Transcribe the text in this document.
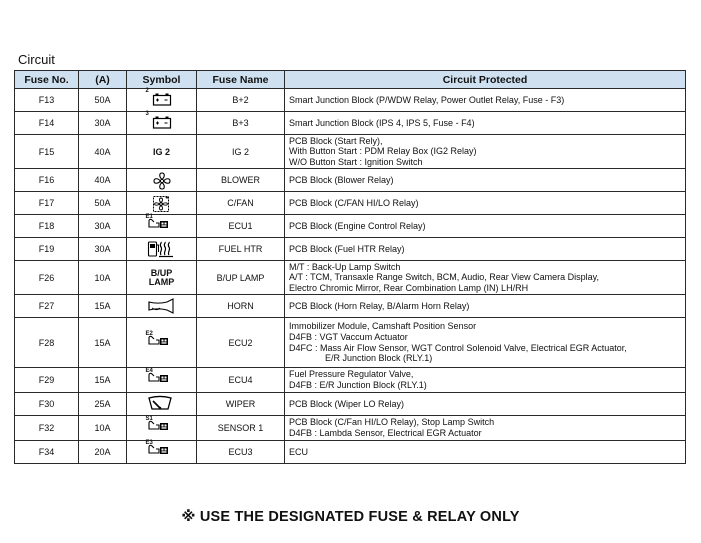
Circuit
Fuse No.	(A)	Symbol	Fuse Name	Circuit Protected
F13	50A	2	B+2	Smart Junction Block (P/WDW Relay, Power Outlet Relay, Fuse - F3)

F14	30A	3	B+3	Smart Junction Block (IPS 4, IPS 5, Fuse - F4)

F15	40A	IG 2	IG 2	PCB Block (Start Rely),
With Button Start : PDM Relay Box (IG2 Relay)
W/O Button Start : Ignition Switch

F16	40A		BLOWER	PCB Block (Blower Relay)

F17	50A		C/FAN	PCB Block (C/FAN HI/LO Relay)

F18	30A	E1	ECU1	PCB Block (Engine Control Relay)

F19	30A		FUEL HTR	PCB Block (Fuel HTR Relay)

F26	10A	B/UP
LAMP	B/UP LAMP	M/T : Back-Up Lamp Switch
A/T : TCM, Transaxle Range Switch, BCM, Audio, Rear View Camera Display,
Electro Chromic Mirror, Rear Combination Lamp (IN) LH/RH

F27	15A		HORN	PCB Block (Horn Relay, B/Alarm Horn Relay)

F28	15A	E2	ECU2	Immobilizer Module, Camshaft Position Sensor
D4FB : VGT Vaccum Actuator
D4FC : Mass Air Flow Sensor, WGT Control Solenoid Valve, Electrical EGR Actuator,
E/R Junction Block (RLY.1)

F29	15A	E4	ECU4	Fuel Pressure Regulator Valve,
D4FB : E/R Junction Block (RLY.1)

F30	25A		WIPER	PCB Block (Wiper LO Relay)

F32	10A	S1	SENSOR 1	PCB Block (C/Fan HI/LO Relay), Stop Lamp Switch
D4FB : Lambda Sensor, Electrical EGR Actuator

F34	20A	E3	ECU3	ECU
※ USE THE DESIGNATED FUSE & RELAY ONLY
